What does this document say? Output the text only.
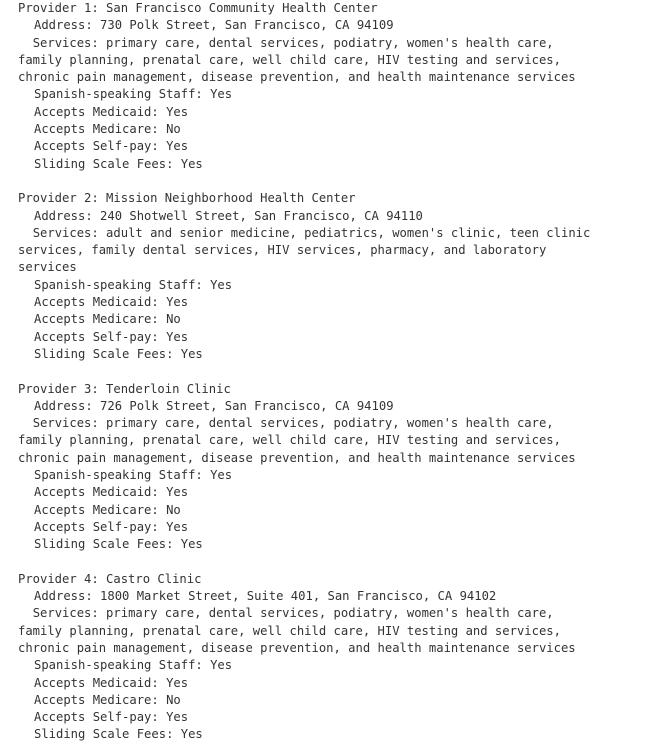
Provider 1: San Francisco Community Health Center
Address: 730 Polk Street, San Francisco, CA 94109
Services: primary care, dental services, podiatry, women's health care,
family planning, prenatal care, well child care, HIV testing and services,
chronic pain management, disease prevention, and health maintenance services
Spanish-speaking Staff: Yes
Accepts Medicaid: Yes
Accepts Medicare: No
Accepts Self-pay: Yes
Sliding Scale Fees: Yes
Provider 2: Mission Neighborhood Health Center
Address: 240 Shotwell Street, San Francisco, CA 94110
Services: adult and senior medicine, pediatrics, women's clinic, teen clinic
services, family dental services, HIV services, pharmacy, and laboratory
services
Spanish-speaking Staff: Yes
Accepts Medicaid: Yes
Accepts Medicare: No
Accepts Self-pay: Yes
Sliding Scale Fees: Yes
Provider 3: Tenderloin Clinic
Address: 726 Polk Street, San Francisco, CA 94109
Services: primary care, dental services, podiatry, women's health care,
family planning, prenatal care, well child care, HIV testing and services,
chronic pain management, disease prevention, and health maintenance services
Spanish-speaking Staff: Yes
Accepts Medicaid: Yes
Accepts Medicare: No
Accepts Self-pay: Yes
Sliding Scale Fees: Yes
Provider 4: Castro Clinic
Address: 1800 Market Street, Suite 401, San Francisco, CA 94102
Services: primary care, dental services, podiatry, women's health care,
family planning, prenatal care, well child care, HIV testing and services,
chronic pain management, disease prevention, and health maintenance services
Spanish-speaking Staff: Yes
Accepts Medicaid: Yes
Accepts Medicare: No
Accepts Self-pay: Yes
Sliding Scale Fees: Yes
